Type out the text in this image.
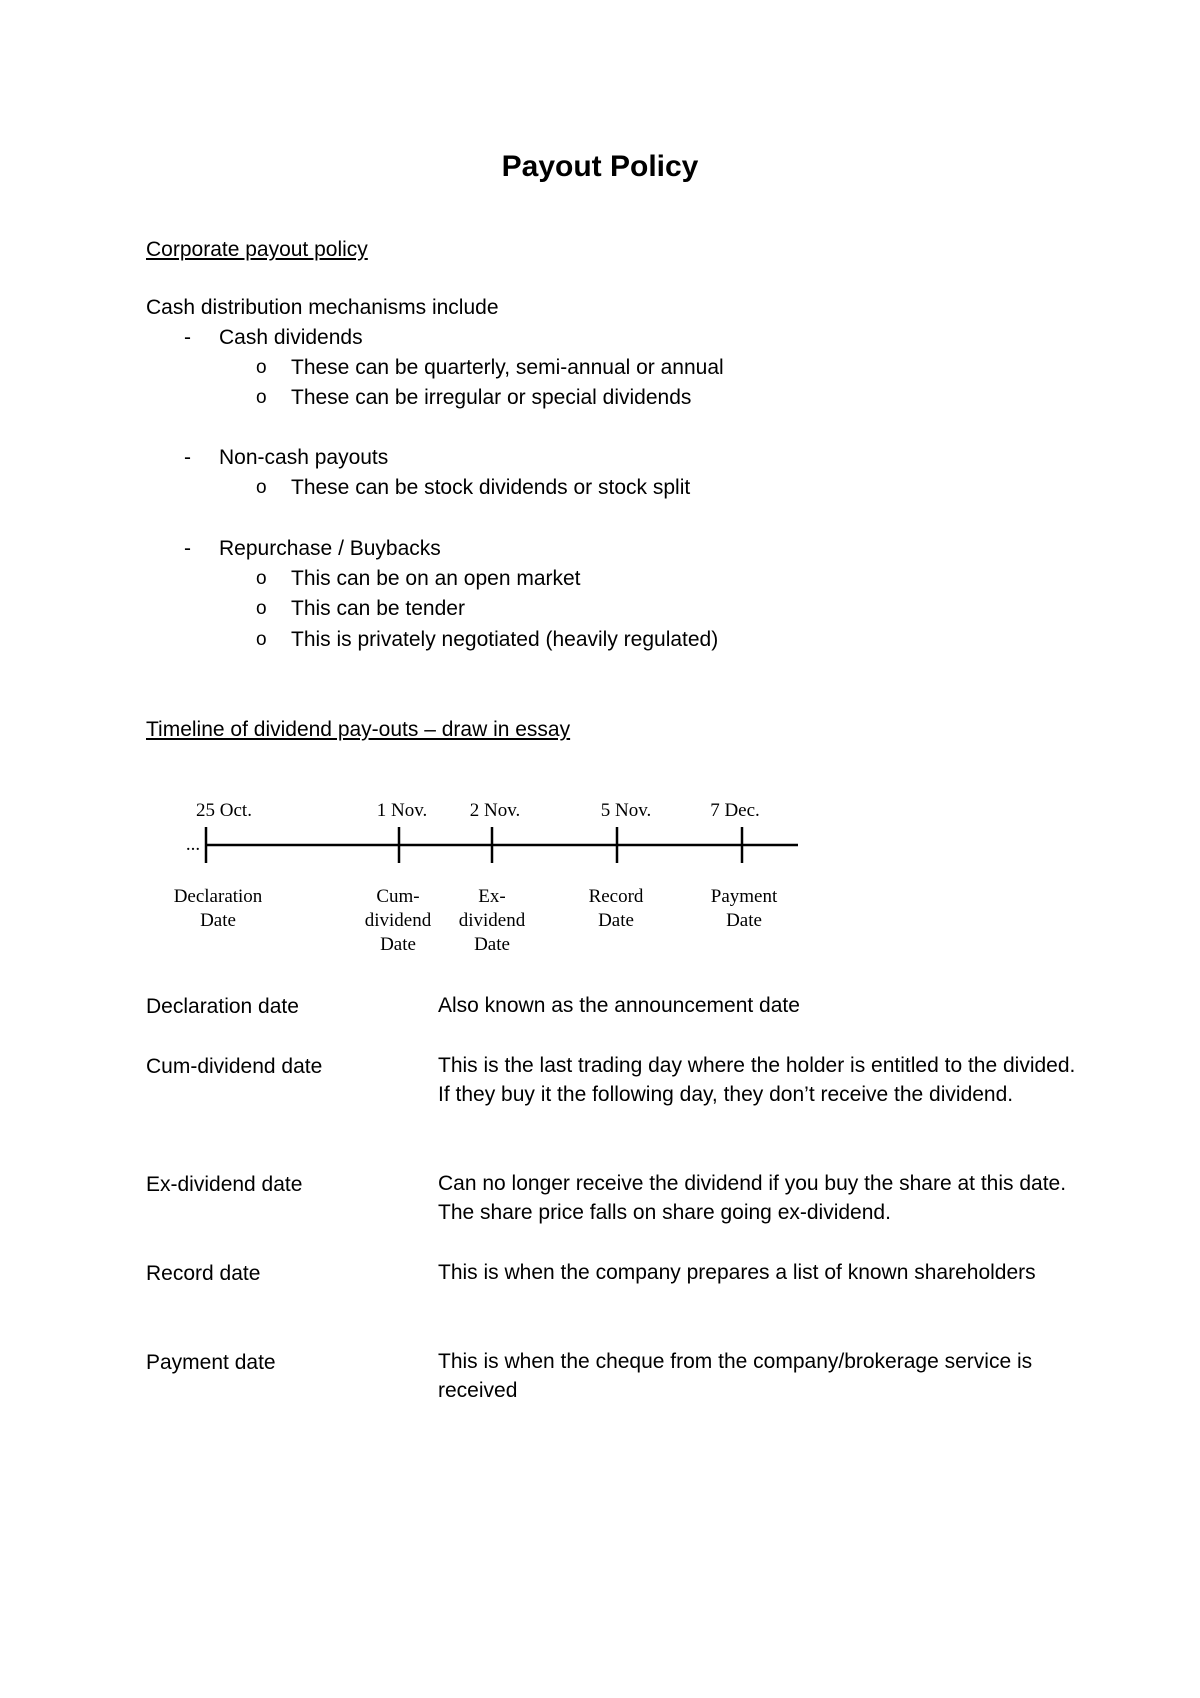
Payout Policy
Corporate payout policy
Cash distribution mechanisms include
- Cash dividends
o These can be quarterly, semi-annual or annual
o These can be irregular or special dividends
- Non-cash payouts
o These can be stock dividends or stock split
- Repurchase / Buybacks
o This can be on an open market
o This can be tender
o This is privately negotiated (heavily regulated)
Timeline of dividend pay-outs – draw in essay
...
25 Oct.
Declaration
Date
1 Nov.
Cum-
dividend
Date
2 Nov.
Ex-
dividend
Date
5 Nov.
Record
Date
7 Dec.
Payment
Date
Declaration date	Also known as the announcement date
Cum-dividend date	This is the last trading day where the holder is entitled to the divided. If they buy it the following day, they don’t receive the dividend.
Ex-dividend date	Can no longer receive the dividend if you buy the share at this date. The share price falls on share going ex-dividend.
Record date	This is when the company prepares a list of known shareholders
Payment date	This is when the cheque from the company/brokerage service is received
